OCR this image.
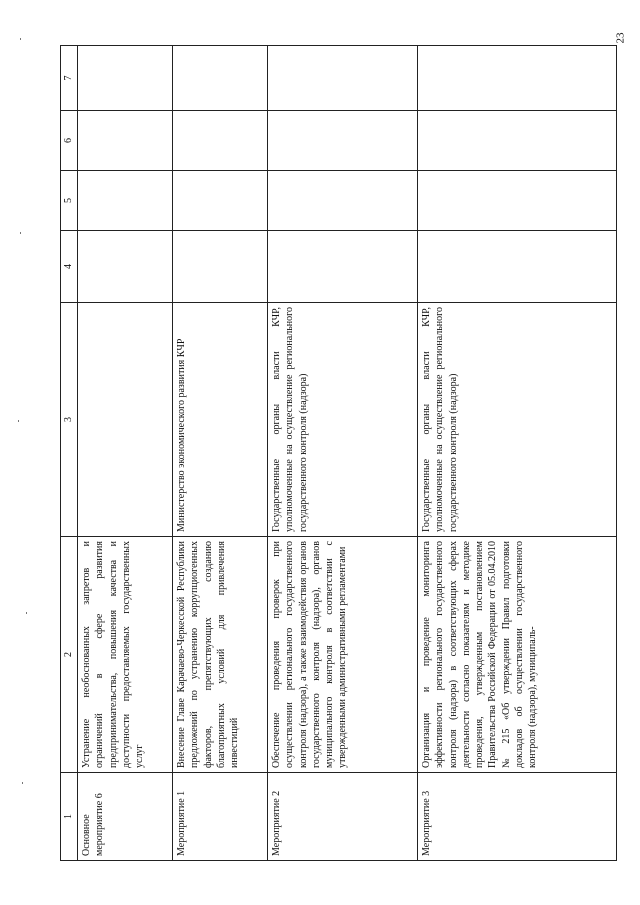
23
1	2	3	4	5	6	7
Основное мероприятие 6	Устранение необоснованных запретов и ограничений в сфере развития предпринимательства, повышения качества и доступности предоставляемых государственных услуг					
Мероприятие 1	Внесение Главе Карачаево-Черкесской Республики предложений по устранению коррупциогенных факторов, препятствующих созданию благоприятных условий для привлечения инвестиций	Министерство экономического развития КЧР				
Мероприятие 2	Обеспечение проведения проверок при осуществлении регионального государственного контроля (надзора), а также взаимодействия органов государственного контроля (надзора), органов муниципального контроля в соответствии с утвержденными административными регламентами	Государственные органы власти КЧР, уполномоченные на осуществление регионального государственного контроля (надзора)				
Мероприятие 3	Организация и проведение мониторинга эффективности регионального государственного контроля (надзора) в соответствующих сферах деятельности согласно показателям и методике проведения, утвержденным постановлением Правительства Российской Федерации от 05.04.2010 № 215 «Об утверждении Правил подготовки докладов об осуществлении государственного контроля (надзора), муниципаль-	Государственные органы власти КЧР, уполномоченные на осуществление регионального государственного контроля (надзора)				
